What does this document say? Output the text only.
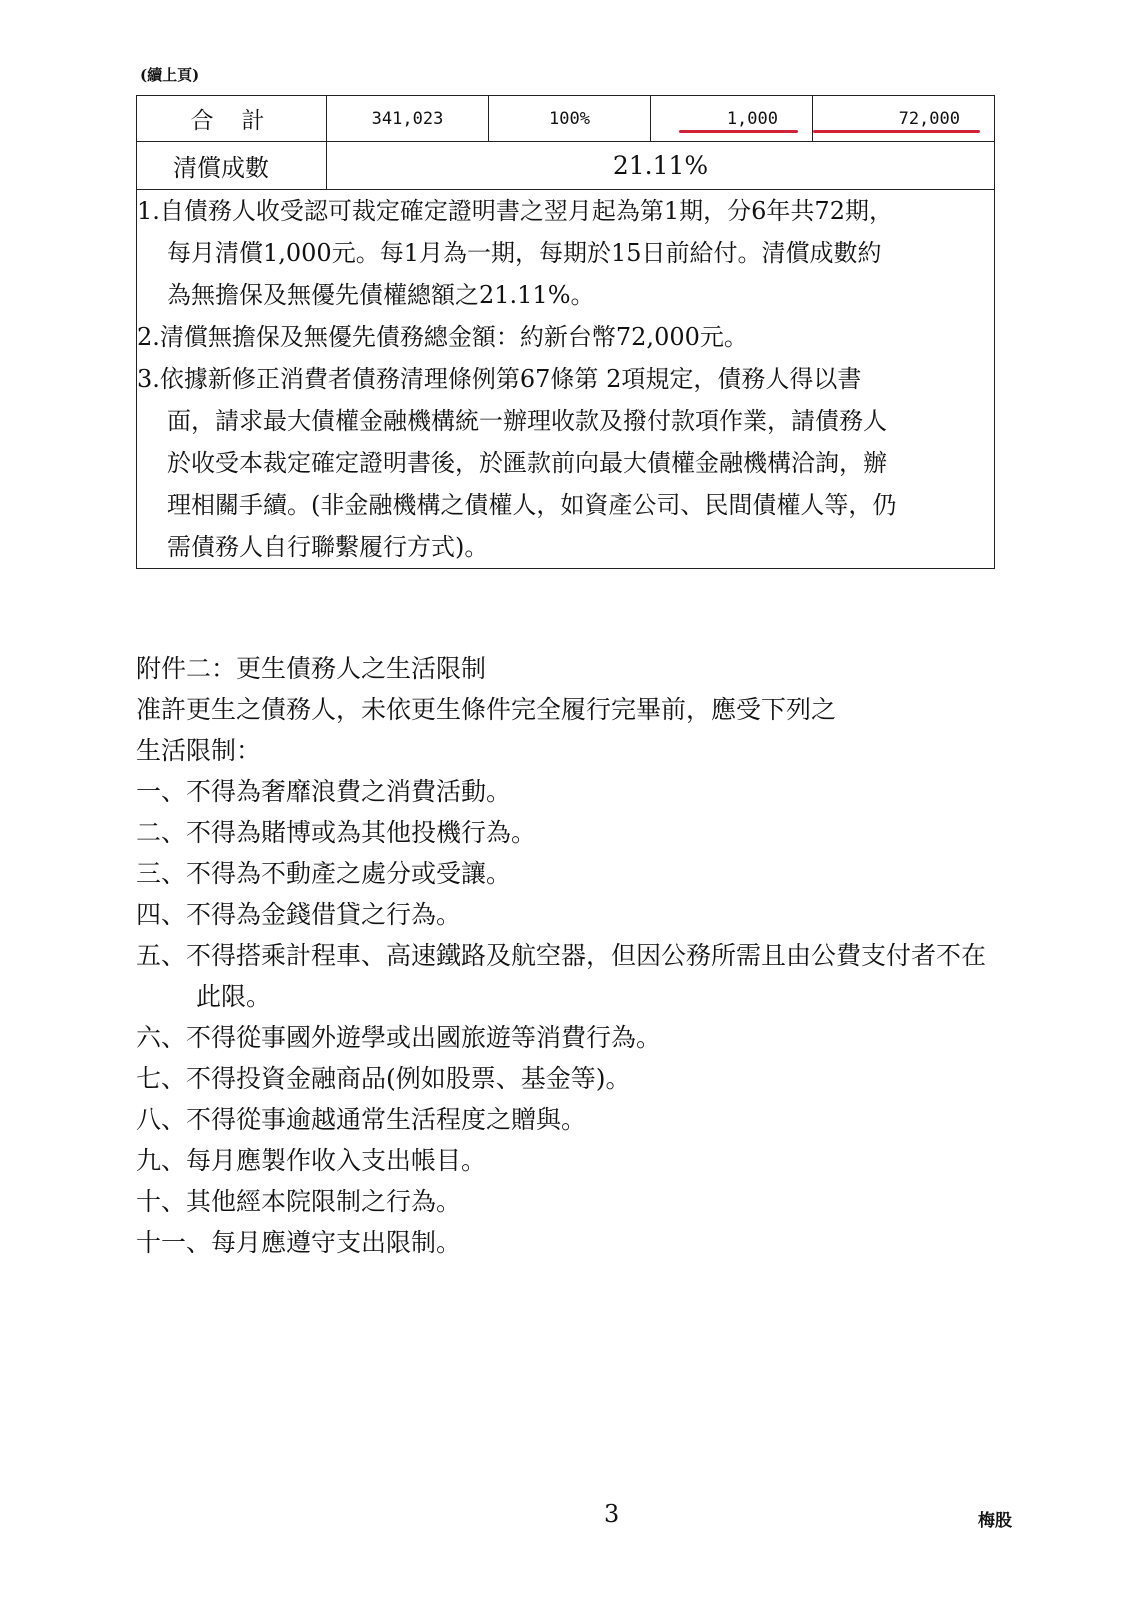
(續上頁)
合計	341,023	100%	1,000	72,000

清償成數	21.11%			

1.自債務人收受認可裁定確定證明書之翌月起為第1期，分6年共72期，每月清償1,000元。每1月為一期，每期於15日前給付。清償成數約為無擔保及無優先債權總額之21.11%。
2.清償無擔保及無優先債務總金額：約新台幣72,000元。
3.依據新修正消費者債務清理條例第67條第 2項規定，債務人得以書面，請求最大債權金融機構統一辦理收款及撥付款項作業，請債務人於收受本裁定確定證明書後，於匯款前向最大債權金融機構洽詢，辦理相關手續。(非金融機構之債權人，如資產公司、民間債權人等，仍需債務人自行聯繫履行方式)。				
附件二：更生債務人之生活限制
准許更生之債務人，未依更生條件完全履行完畢前，應受下列之
生活限制：
一、不得為奢靡浪費之消費活動。
二、不得為賭博或為其他投機行為。
三、不得為不動產之處分或受讓。
四、不得為金錢借貸之行為。
五、不得搭乘計程車、高速鐵路及航空器，但因公務所需且由公費支付者不在此限。
六、不得從事國外遊學或出國旅遊等消費行為。
七、不得投資金融商品(例如股票、基金等)。
八、不得從事逾越通常生活程度之贈與。
九、每月應製作收入支出帳目。
十、其他經本院限制之行為。
十一、每月應遵守支出限制。
3	梅股
